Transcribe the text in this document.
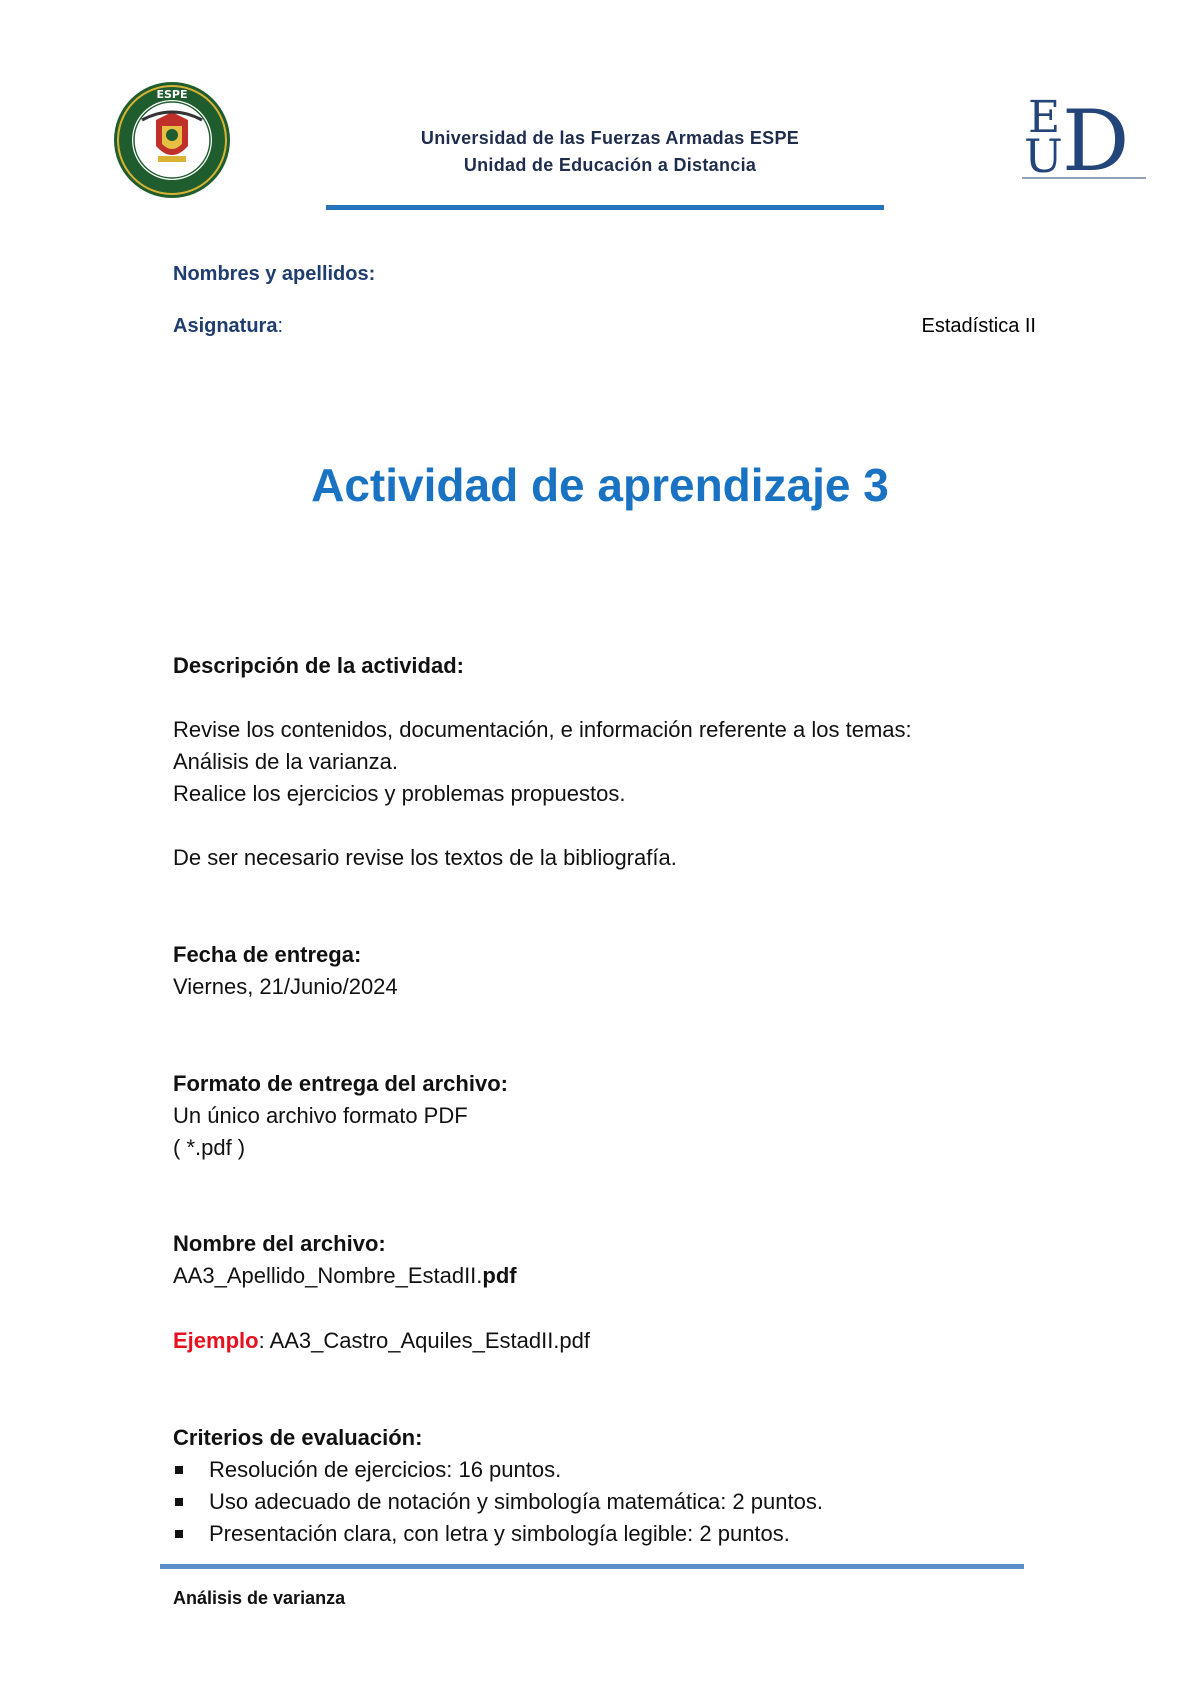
ESPE	E
U D
Universidad de las Fuerzas Armadas ESPE
Unidad de Educación a Distancia
Nombres y apellidos:
Asignatura:	Estadística II
Actividad de aprendizaje 3
Descripción de la actividad:
Revise los contenidos, documentación, e información referente a los temas:
Análisis de la varianza.
Realice los ejercicios y problemas propuestos.
De ser necesario revise los textos de la bibliografía.
Fecha de entrega:
Viernes, 21/Junio/2024
Formato de entrega del archivo:
Un único archivo formato PDF
( *.pdf )
Nombre del archivo:
AA3_Apellido_Nombre_EstadII.pdf
Ejemplo: AA3_Castro_Aquiles_EstadII.pdf
Criterios de evaluación:
Resolución de ejercicios: 16 puntos.
Uso adecuado de notación y simbología matemática: 2 puntos.
Presentación clara, con letra y simbología legible: 2 puntos.
Análisis de varianza
